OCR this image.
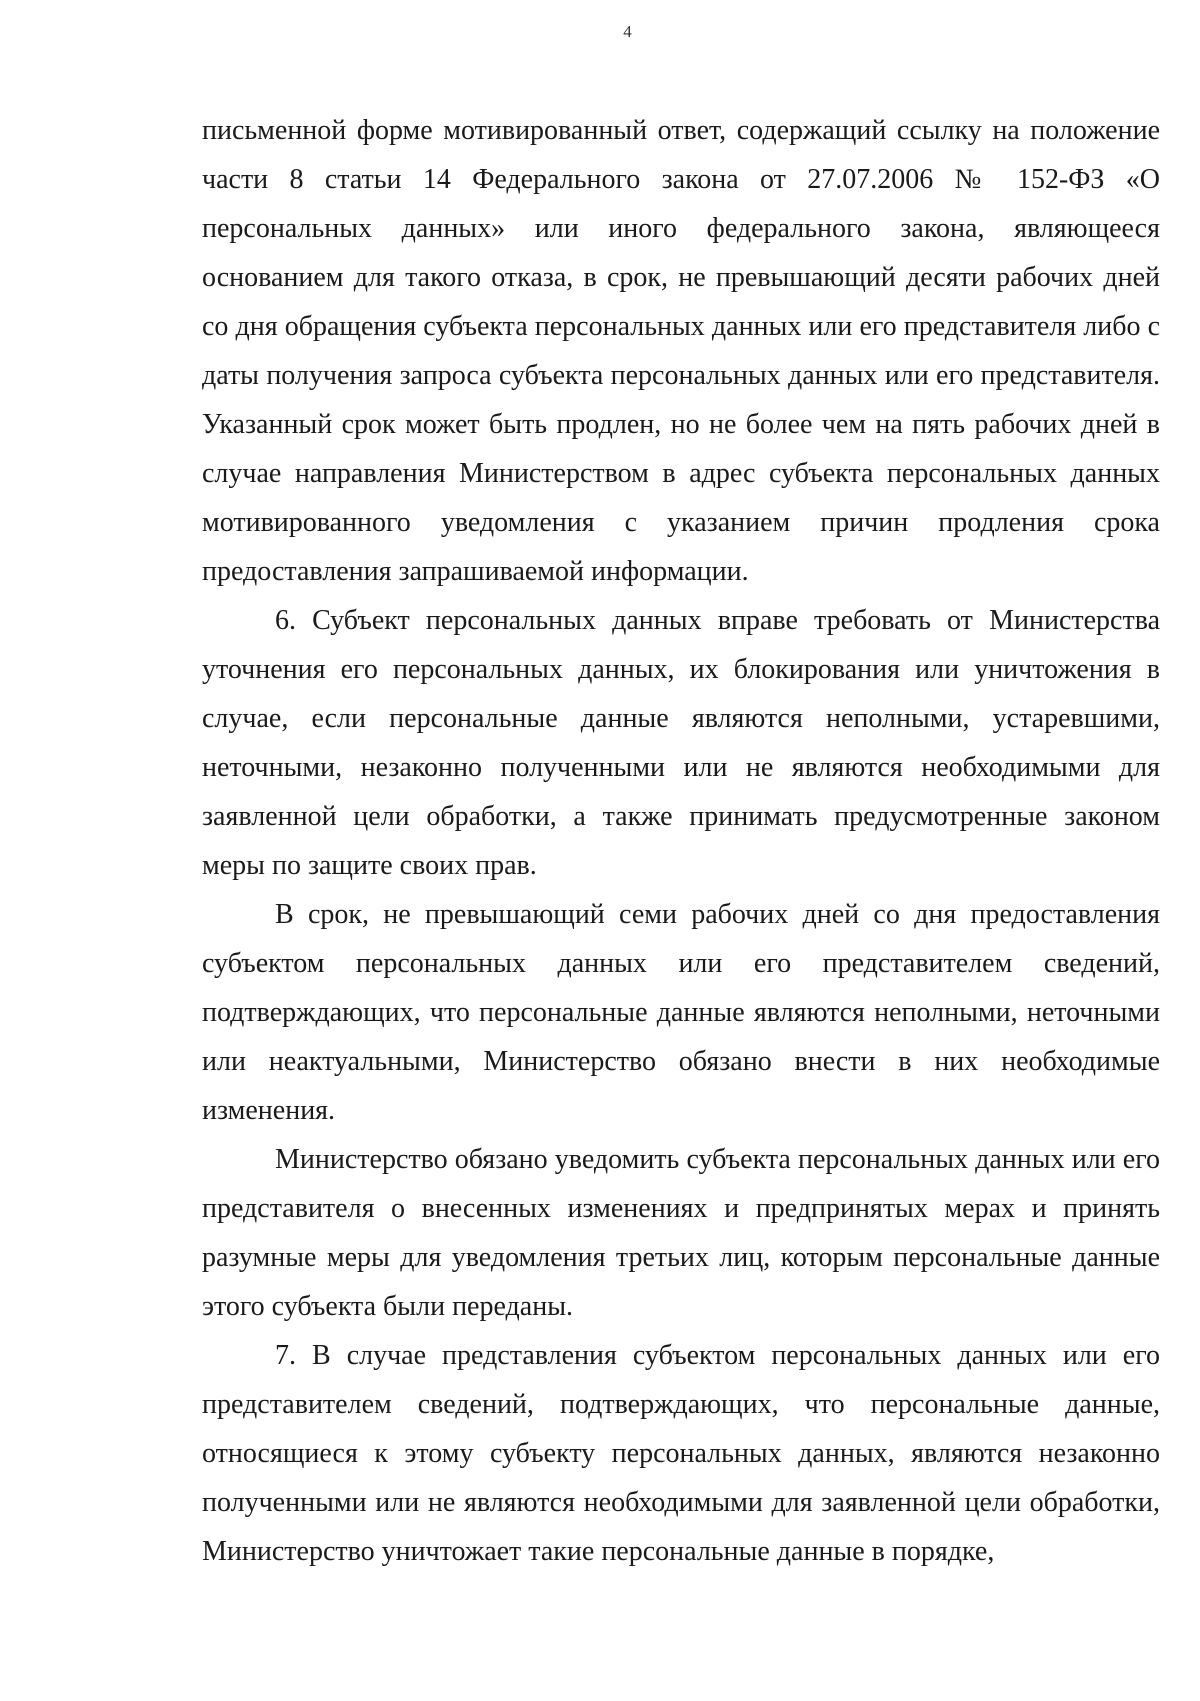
4

письменной форме мотивированный ответ, содержащий ссылку на положение части 8 статьи 14 Федерального закона от 27.07.2006 № 152-ФЗ «О персональных данных» или иного федерального закона, являющееся основанием для такого отказа, в срок, не превышающий десяти рабочих дней со дня обращения субъекта персональных данных или его представителя либо с даты получения запроса субъекта персональных данных или его представителя. Указанный срок может быть продлен, но не более чем на пять рабочих дней в случае направления Министерством в адрес субъекта персональных данных мотивированного уведомления с указанием причин продления срока предоставления запрашиваемой информации.

6. Субъект персональных данных вправе требовать от Министерства уточнения его персональных данных, их блокирования или уничтожения в случае, если персональные данные являются неполными, устаревшими, неточными, незаконно полученными или не являются необходимыми для заявленной цели обработки, а также принимать предусмотренные законом меры по защите своих прав.

В срок, не превышающий семи рабочих дней со дня предоставления субъектом персональных данных или его представителем сведений, подтверждающих, что персональные данные являются неполными, неточными или неактуальными, Министерство обязано внести в них необходимые изменения.

Министерство обязано уведомить субъекта персональных данных или его представителя о внесенных изменениях и предпринятых мерах и принять разумные меры для уведомления третьих лиц, которым персональные данные этого субъекта были переданы.

7. В случае представления субъектом персональных данных или его представителем сведений, подтверждающих, что персональные данные, относящиеся к этому субъекту персональных данных, являются незаконно полученными или не являются необходимыми для заявленной цели обработки, Министерство уничтожает такие персональные данные в порядке,
